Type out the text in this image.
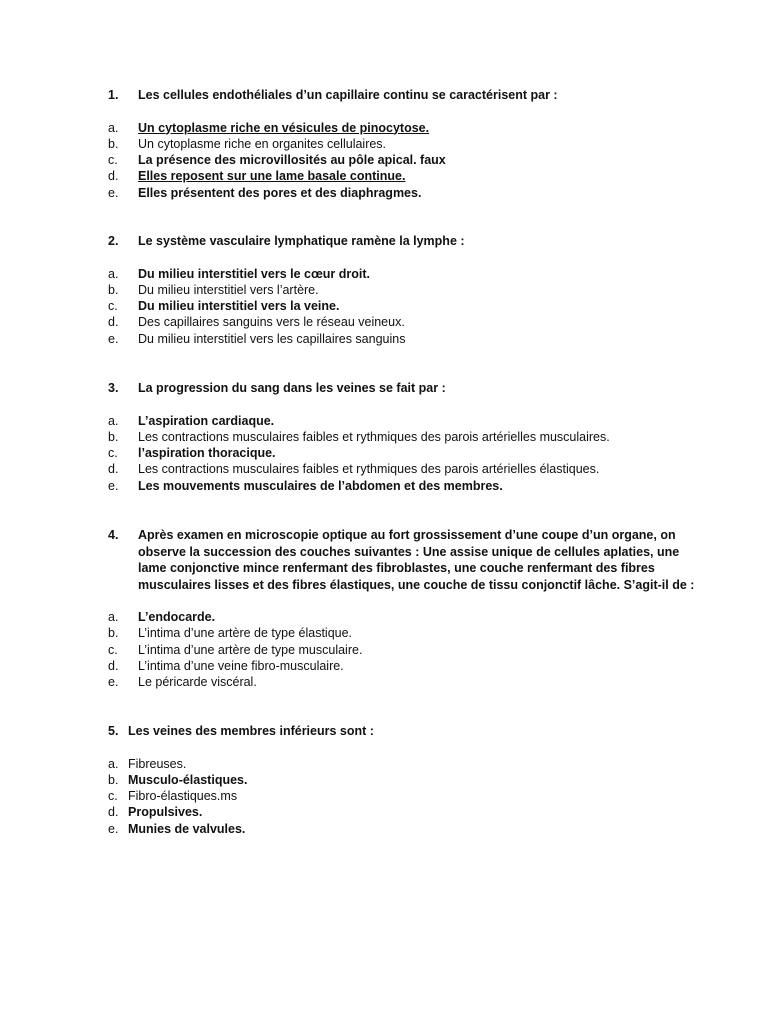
1.	Les cellules endothéliales d’un capillaire continu se caractérisent par :
a.	Un cytoplasme riche en vésicules de pinocytose.
b.	Un cytoplasme riche en organites cellulaires.
c.	La présence des microvillosités au pôle apical. faux
d.	Elles reposent sur une lame basale continue.
e.	Elles présentent des pores et des diaphragmes.
2.	Le système vasculaire lymphatique ramène la lymphe :
a.	Du milieu interstitiel vers le cœur droit.
b.	Du milieu interstitiel vers l’artère.
c.	Du milieu interstitiel vers la veine.
d.	Des capillaires sanguins vers le réseau veineux.
e.	Du milieu interstitiel vers les capillaires sanguins
3.	La progression du sang dans les veines se fait par :
a.	L’aspiration cardiaque.
b.	Les contractions musculaires faibles et rythmiques des parois artérielles musculaires.
c.	l’aspiration thoracique.
d.	Les contractions musculaires faibles et rythmiques des parois artérielles élastiques.
e.	Les mouvements musculaires de l’abdomen et des membres.
4.	Après examen en microscopie optique au fort grossissement d’une coupe d’un organe, on observe la succession des couches suivantes : Une assise unique de cellules aplaties, une lame conjonctive mince renfermant des fibroblastes, une couche renfermant des fibres musculaires lisses et des fibres élastiques, une couche de tissu conjonctif lâche. S’agit-il de :
a.	L’endocarde.
b.	L’intima d’une artère de type élastique.
c.	L’intima d’une artère de type musculaire.
d.	L’intima d’une veine fibro-musculaire.
e.	Le péricarde viscéral.
5. Les veines des membres inférieurs sont :
a. Fibreuses.
b. Musculo-élastiques.
c. Fibro-élastiques.ms
d. Propulsives.
e. Munies de valvules.
